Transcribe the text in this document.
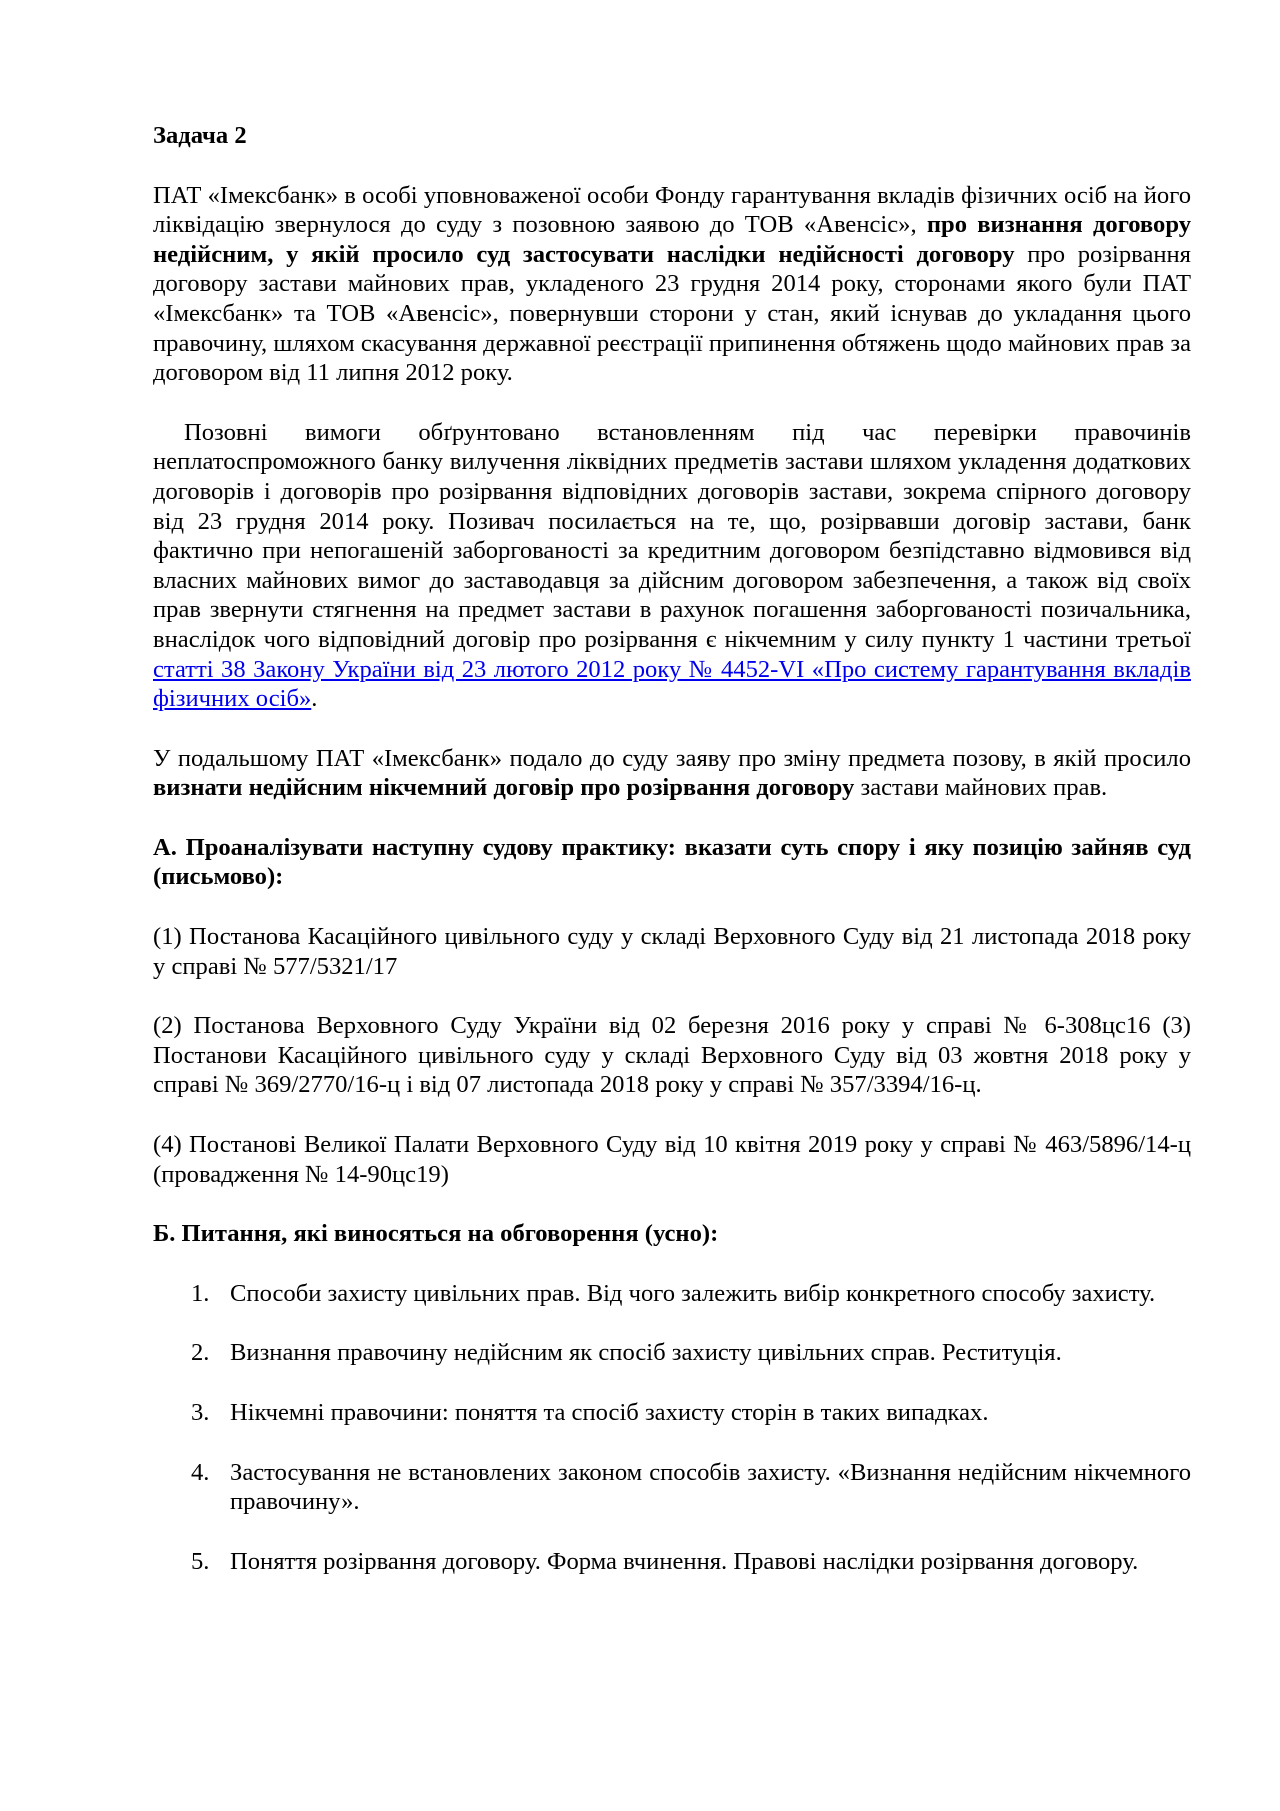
Задача 2

ПАТ «Імексбанк» в особі уповноваженої особи Фонду гарантування вкладів фізичних осіб на його ліквідацію звернулося до суду з позовною заявою до ТОВ «Авенсіс», про визнання договору недійсним, у якій просило суд застосувати наслідки недійсності договору про розірвання договору застави майнових прав, укладеного 23 грудня 2014 року, сторонами якого були ПАТ «Імексбанк» та ТОВ «Авенсіс», повернувши сторони у стан, який існував до укладання цього правочину, шляхом скасування державної реєстрації припинення обтяжень щодо майнових прав за договором від 11 липня 2012 року.

Позовні вимоги обґрунтовано встановленням під час перевірки правочинів неплатоспроможного банку вилучення ліквідних предметів застави шляхом укладення додаткових договорів і договорів про розірвання відповідних договорів застави, зокрема спірного договору від 23 грудня 2014 року. Позивач посилається на те, що, розірвавши договір застави, банк фактично при непогашеній заборгованості за кредитним договором безпідставно відмовився від власних майнових вимог до заставодавця за дійсним договором забезпечення, а також від своїх прав звернути стягнення на предмет застави в рахунок погашення заборгованості позичальника, внаслідок чого відповідний договір про розірвання є нікчемним у силу пункту 1 частини третьої статті 38 Закону України від 23 лютого 2012 року № 4452-VI «Про систему гарантування вкладів фізичних осіб».

У подальшому ПАТ «Імексбанк» подало до суду заяву про зміну предмета позову, в якій просило визнати недійсним нікчемний договір про розірвання договору застави майнових прав.

А. Проаналізувати наступну судову практику: вказати суть спору і яку позицію зайняв суд (письмово):

(1) Постанова Касаційного цивільного суду у складі Верховного Суду від 21 листопада 2018 року у справі № 577/5321/17

(2) Постанова Верховного Суду України від 02 березня 2016 року у справі № 6-308цс16 (3) Постанови Касаційного цивільного суду у складі Верховного Суду від 03 жовтня 2018 року у справі № 369/2770/16-ц і від 07 листопада 2018 року у справі № 357/3394/16-ц.

(4) Постанові Великої Палати Верховного Суду від 10 квітня 2019 року у справі № 463/5896/14-ц (провадження № 14-90цс19)

Б. Питання, які виносяться на обговорення (усно):

1. Способи захисту цивільних прав. Від чого залежить вибір конкретного способу захисту.
2. Визнання правочину недійсним як спосіб захисту цивільних справ. Реституція.
3. Нікчемні правочини: поняття та спосіб захисту сторін в таких випадках.
4. Застосування не встановлених законом способів захисту. «Визнання недійсним нікчемного правочину».
5. Поняття розірвання договору. Форма вчинення. Правові наслідки розірвання договору.
